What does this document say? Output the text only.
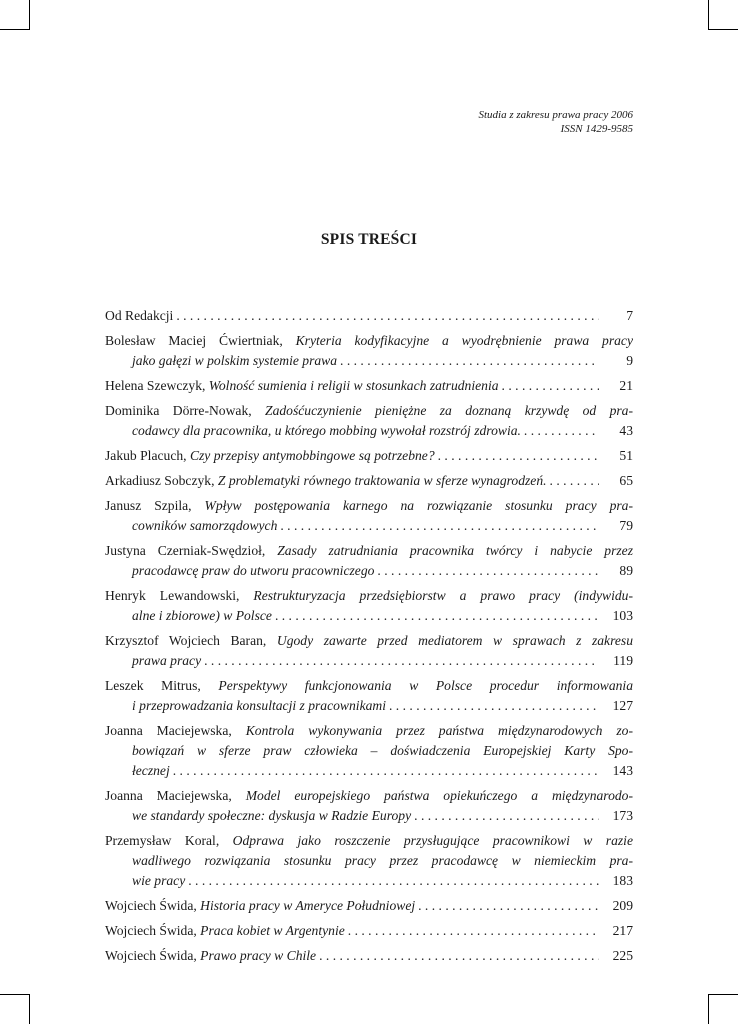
Studia z zakresu prawa pracy 2006
ISSN 1429-9585
SPIS TREŚCI
Od Redakcji . . .	7
Bolesław Maciej Ćwiertniak, Kryteria kodyfikacyjne a wyodrębnienie prawa pracy
jako gałęzi w polskim systemie prawa . . .	9
Helena Szewczyk, Wolność sumienia i religii w stosunkach zatrudnienia . . .	21
Dominika Dörre-Nowak, Zadośćuczynienie pieniężne za doznaną krzywdę od pra-
codawcy dla pracownika, u którego mobbing wywołał rozstrój zdrowia. . . .	43
Jakub Placuch, Czy przepisy antymobbingowe są potrzebne? . . .	51
Arkadiusz Sobczyk, Z problematyki równego traktowania w sferze wynagrodzeń. . . .	65
Janusz Szpila, Wpływ postępowania karnego na rozwiązanie stosunku pracy pra-
cowników samorządowych . . .	79
Justyna Czerniak-Swędzioł, Zasady zatrudniania pracownika twórcy i nabycie przez
pracodawcę praw do utworu pracowniczego . . .	89
Henryk Lewandowski, Restrukturyzacja przedsiębiorstw a prawo pracy (indywidu-
alne i zbiorowe) w Polsce . . .	103
Krzysztof Wojciech Baran, Ugody zawarte przed mediatorem w sprawach z zakresu
prawa pracy . . .	119
Leszek Mitrus, Perspektywy funkcjonowania w Polsce procedur informowania
i przeprowadzania konsultacji z pracownikami . . .	127
Joanna Maciejewska, Kontrola wykonywania przez państwa międzynarodowych zo-
bowiązań w sferze praw człowieka – doświadczenia Europejskiej Karty Spo-
łecznej . . .	143
Joanna Maciejewska, Model europejskiego państwa opiekuńczego a międzynarodo-
we standardy społeczne: dyskusja w Radzie Europy . . .	173
Przemysław Koral, Odprawa jako roszczenie przysługujące pracownikowi w razie
wadliwego rozwiązania stosunku pracy przez pracodawcę w niemieckim pra-
wie pracy . . .	183
Wojciech Świda, Historia pracy w Ameryce Południowej . . .	209
Wojciech Świda, Praca kobiet w Argentynie . . .	217
Wojciech Świda, Prawo pracy w Chile . . .	225
